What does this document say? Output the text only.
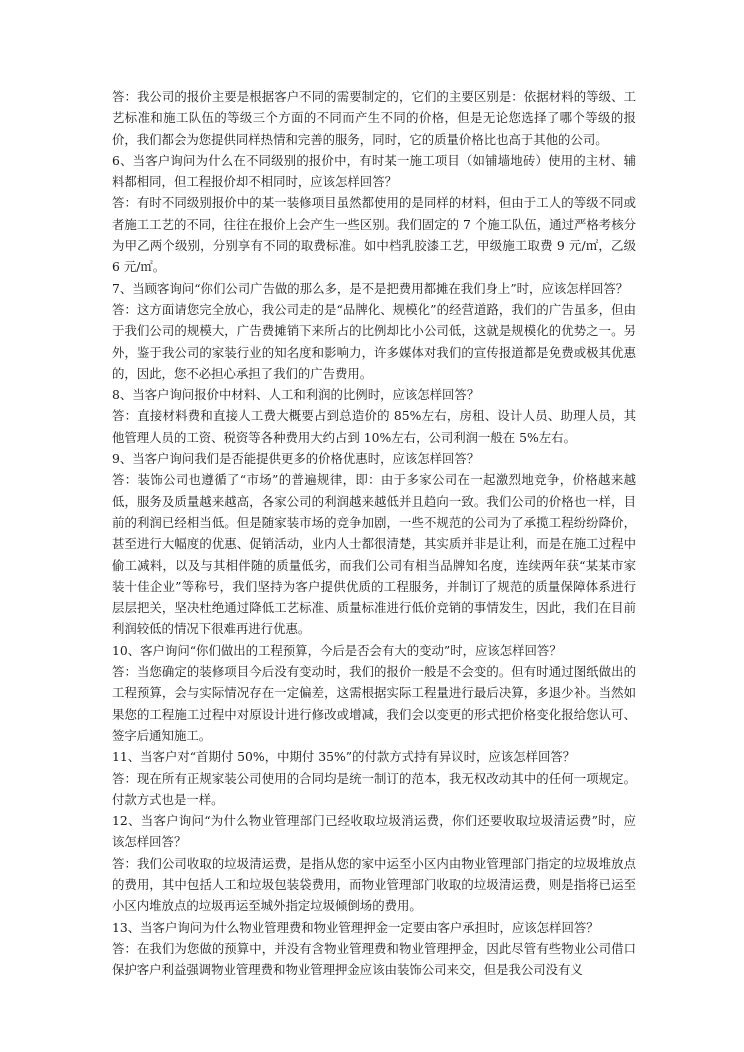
答：我公司的报价主要是根据客户不同的需要制定的，它们的主要区别是：依据材料的等级、工艺标准和施工队伍的等级三个方面的不同而产生不同的价格，但是无论您选择了哪个等级的报价，我们都会为您提供同样热情和完善的服务，同时，它的质量价格比也高于其他的公司。

6、当客户询问为什么在不同级别的报价中，有时某一施工项目（如铺墙地砖）使用的主材、辅料都相同，但工程报价却不相同时，应该怎样回答？

答：有时不同级别报价中的某一装修项目虽然都使用的是同样的材料，但由于工人的等级不同或者施工工艺的不同，往往在报价上会产生一些区别。我们固定的 7 个施工队伍，通过严格考核分为甲乙两个级别，分别享有不同的取费标准。如中档乳胶漆工艺，甲级施工取费 9 元/㎡，乙级 6 元/㎡。

7、当顾客询问“你们公司广告做的那么多，是不是把费用都摊在我们身上”时，应该怎样回答？

答：这方面请您完全放心，我公司走的是“品牌化、规模化”的经营道路，我们的广告虽多，但由于我们公司的规模大，广告费摊销下来所占的比例却比小公司低，这就是规模化的优势之一。另外，鉴于我公司的家装行业的知名度和影响力，许多媒体对我们的宣传报道都是免费或极其优惠的，因此，您不必担心承担了我们的广告费用。

8、当客户询问报价中材料、人工和利润的比例时，应该怎样回答？

答：直接材料费和直接人工费大概要占到总造价的 85%左右，房租、设计人员、助理人员，其他管理人员的工资、税资等各种费用大约占到 10%左右，公司利润一般在 5%左右。

9、当客户询问我们是否能提供更多的价格优惠时，应该怎样回答？

答：装饰公司也遵循了“市场”的普遍规律，即：由于多家公司在一起激烈地竞争，价格越来越低，服务及质量越来越高，各家公司的利润越来越低并且趋向一致。我们公司的价格也一样，目前的利润已经相当低。但是随家装市场的竞争加剧，一些不规范的公司为了承揽工程纷纷降价，甚至进行大幅度的优惠、促销活动，业内人士都很清楚，其实质并非是让利，而是在施工过程中偷工减料，以及与其相伴随的质量低劣，而我们公司有相当品牌知名度，连续两年获“某某市家装十佳企业”等称号，我们坚持为客户提供优质的工程服务，并制订了规范的质量保障体系进行层层把关，坚决杜绝通过降低工艺标准、质量标准进行低价竞销的事情发生，因此，我们在目前利润较低的情况下很难再进行优惠。

10、客户询问“你们做出的工程预算，今后是否会有大的变动”时，应该怎样回答？

答：当您确定的装修项目今后没有变动时，我们的报价一般是不会变的。但有时通过图纸做出的工程预算，会与实际情况存在一定偏差，这需根据实际工程量进行最后决算，多退少补。当然如果您的工程施工过程中对原设计进行修改或增减，我们会以变更的形式把价格变化报给您认可、签字后通知施工。

11、当客户对“首期付 50%，中期付 35%”的付款方式持有异议时，应该怎样回答？

答：现在所有正规家装公司使用的合同均是统一制订的范本，我无权改动其中的任何一项规定。付款方式也是一样。

12、当客户询问“为什么物业管理部门已经收取垃圾消运费，你们还要收取垃圾清运费”时，应该怎样回答？

答：我们公司收取的垃圾清运费，是指从您的家中运至小区内由物业管理部门指定的垃圾堆放点的费用，其中包括人工和垃圾包装袋费用，而物业管理部门收取的垃圾清运费，则是指将已运至小区内堆放点的垃圾再运至城外指定垃圾倾倒场的费用。

13、当客户询问为什么物业管理费和物业管理押金一定要由客户承担时，应该怎样回答？

答：在我们为您做的预算中，并没有含物业管理费和物业管理押金，因此尽管有些物业公司借口保护客户利益强调物业管理费和物业管理押金应该由装饰公司来交，但是我公司没有义
